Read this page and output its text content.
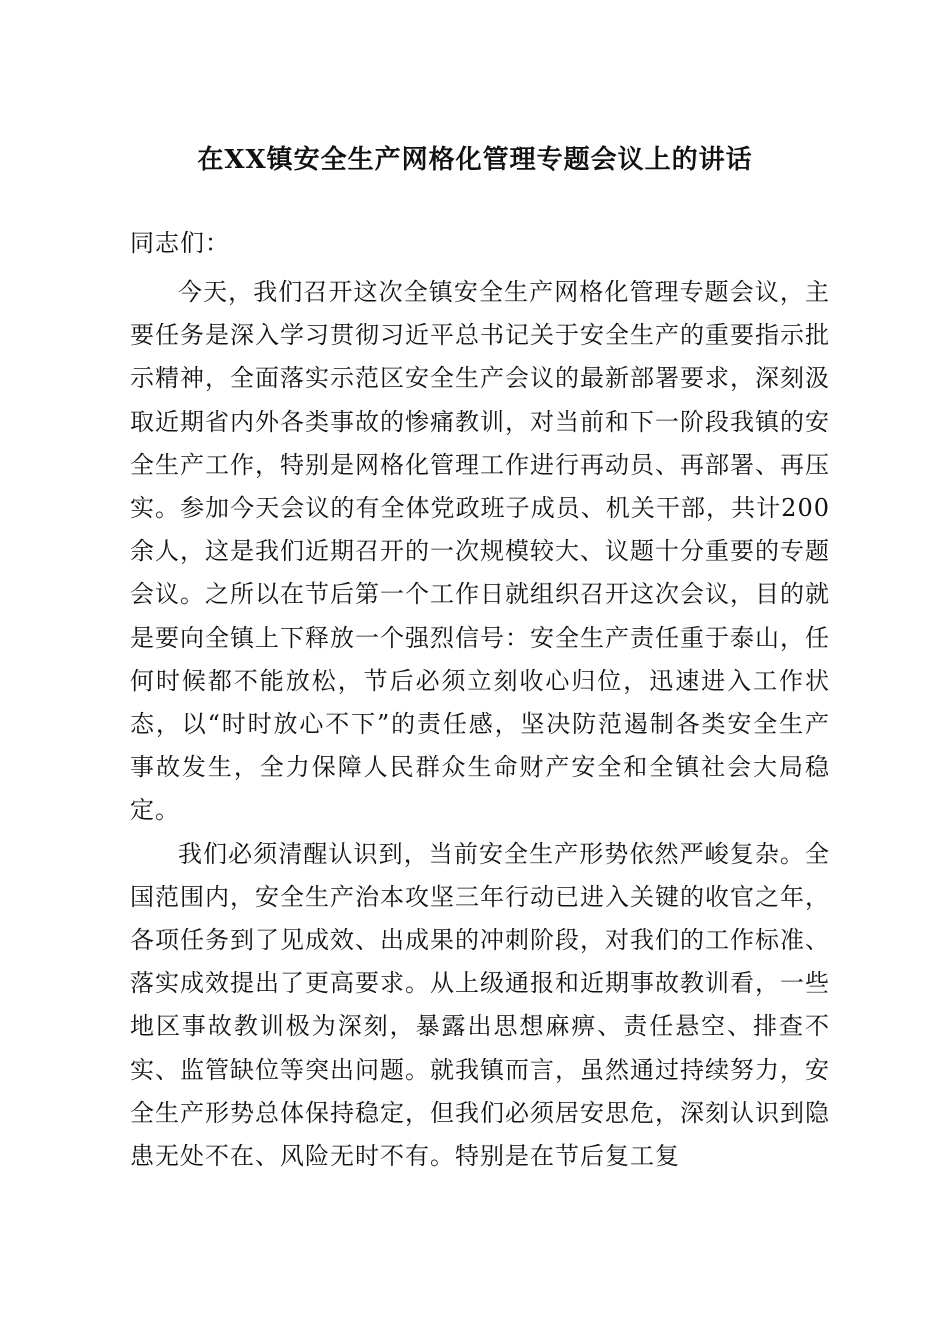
在XX镇安全生产网格化管理专题会议上的讲话
同志们：

今天，我们召开这次全镇安全生产网格化管理专题会议，主要任务是深入学习贯彻习近平总书记关于安全生产的重要指示批示精神，全面落实示范区安全生产会议的最新部署要求，深刻汲取近期省内外各类事故的惨痛教训，对当前和下一阶段我镇的安全生产工作，特别是网格化管理工作进行再动员、再部署、再压实。参加今天会议的有全体党政班子成员、机关干部，共计200余人，这是我们近期召开的一次规模较大、议题十分重要的专题会议。之所以在节后第一个工作日就组织召开这次会议，目的就是要向全镇上下释放一个强烈信号：安全生产责任重于泰山，任何时候都不能放松，节后必须立刻收心归位，迅速进入工作状态，以“时时放心不下”的责任感，坚决防范遏制各类安全生产事故发生，全力保障人民群众生命财产安全和全镇社会大局稳定。

我们必须清醒认识到，当前安全生产形势依然严峻复杂。全国范围内，安全生产治本攻坚三年行动已进入关键的收官之年，各项任务到了见成效、出成果的冲刺阶段，对我们的工作标准、落实成效提出了更高要求。从上级通报和近期事故教训看，一些地区事故教训极为深刻，暴露出思想麻痹、责任悬空、排查不实、监管缺位等突出问题。就我镇而言，虽然通过持续努力，安全生产形势总体保持稳定，但我们必须居安思危，深刻认识到隐患无处不在、风险无时不有。特别是在节后复工复
